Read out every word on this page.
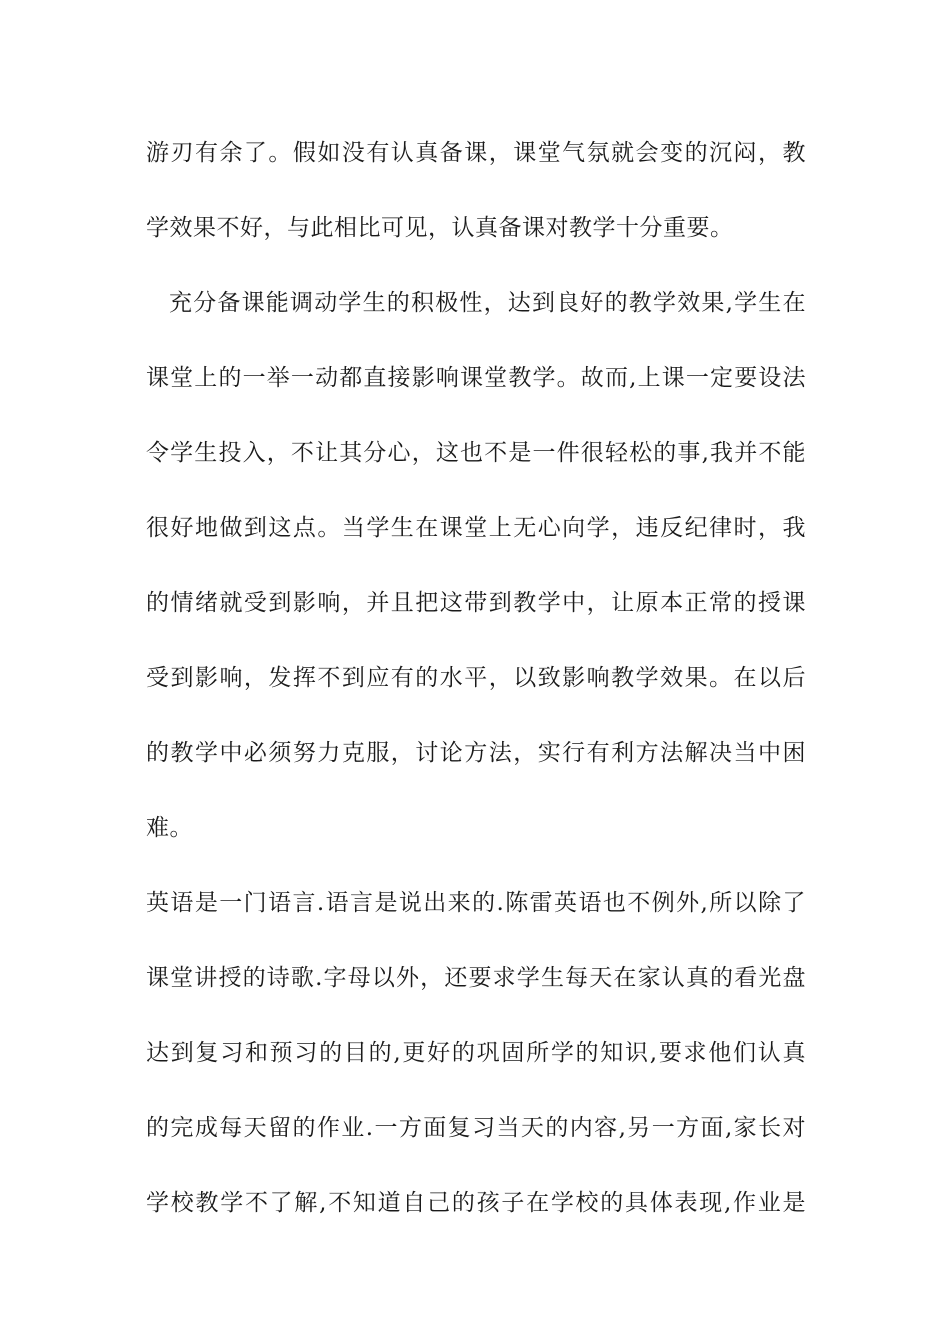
游刃有余了。假如没有认真备课，课堂气氛就会变的沉闷，教
学效果不好，与此相比可见，认真备课对教学十分重要。
充分备课能调动学生的积极性，达到良好的教学效果,学生在
课堂上的一举一动都直接影响课堂教学。故而,上课一定要设法
令学生投入，不让其分心，这也不是一件很轻松的事,我并不能
很好地做到这点。当学生在课堂上无心向学，违反纪律时，我
的情绪就受到影响，并且把这带到教学中，让原本正常的授课
受到影响，发挥不到应有的水平，以致影响教学效果。在以后
的教学中必须努力克服，讨论方法，实行有利方法解决当中困
难。
英语是一门语言.语言是说出来的.陈雷英语也不例外,所以除了
课堂讲授的诗歌.字母以外，还要求学生每天在家认真的看光盘
达到复习和预习的目的,更好的巩固所学的知识,要求他们认真
的完成每天留的作业.一方面复习当天的内容,另一方面,家长对
学校教学不了解,不知道自己的孩子在学校的具体表现,作业是
